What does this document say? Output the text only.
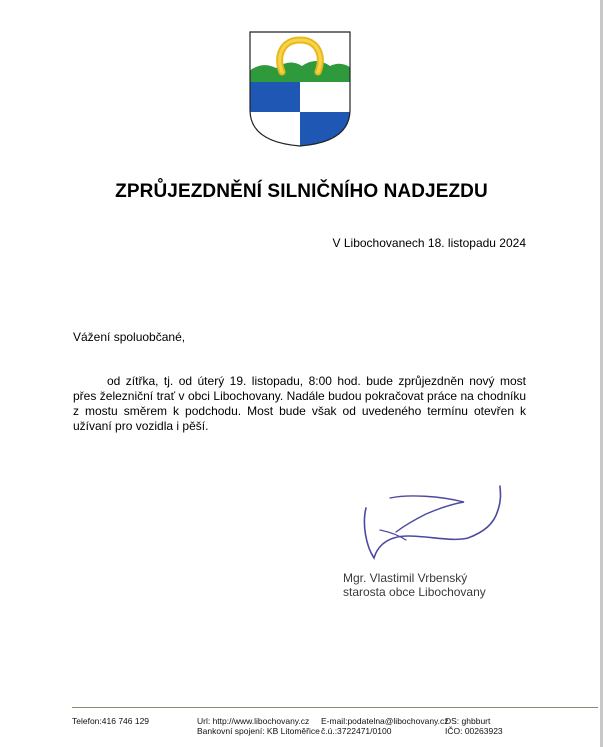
ZPRŮJEZDNĚNÍ SILNIČNÍHO NADJEZDU
V Libochovanech 18. listopadu 2024
Vážení spoluobčané,

od zítřka, tj. od úterý 19. listopadu, 8:00 hod. bude zprůjezdněn nový most přes železniční trať v obci Libochovany. Nadále budou pokračovat práce na chodníku z mostu směrem k podchodu. Most bude však od uvedeného termínu otevřen k užívaní pro vozidla i pěší.

Mgr. Vlastimil Vrbenský
starosta obce Libochovany
Telefon:416 746 129	Url: http://www.libochovany.cz
Bankovní spojení: KB Litoměřice
E-mail:podatelna@libochovany.cz
č.ú.:3722471/0100
DS: ghbburt
IČO: 00263923
